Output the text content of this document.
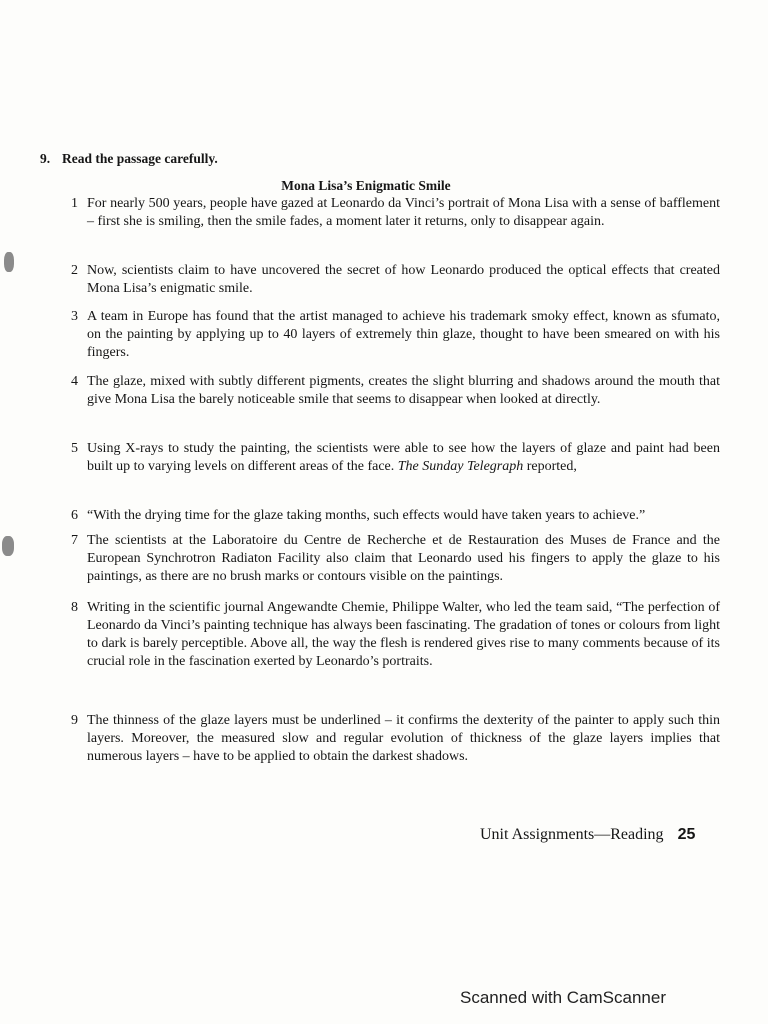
9. Read the passage carefully.
Mona Lisa’s Enigmatic Smile
1 For nearly 500 years, people have gazed at Leonardo da Vinci’s portrait of Mona Lisa with a sense of bafflement – first she is smiling, then the smile fades, a moment later it returns, only to disappear again.
2 Now, scientists claim to have uncovered the secret of how Leonardo produced the optical effects that created Mona Lisa’s enigmatic smile.
3 A team in Europe has found that the artist managed to achieve his trademark smoky effect, known as sfumato, on the painting by applying up to 40 layers of extremely thin glaze, thought to have been smeared on with his fingers.
4 The glaze, mixed with subtly different pigments, creates the slight blurring and shadows around the mouth that give Mona Lisa the barely noticeable smile that seems to disappear when looked at directly.
5 Using X-rays to study the painting, the scientists were able to see how the layers of glaze and paint had been built up to varying levels on different areas of the face. The Sunday Telegraph reported,
6 “With the drying time for the glaze taking months, such effects would have taken years to achieve.”
7 The scientists at the Laboratoire du Centre de Recherche et de Restauration des Muses de France and the European Synchrotron Radiaton Facility also claim that Leonardo used his fingers to apply the glaze to his paintings, as there are no brush marks or contours visible on the paintings.
8 Writing in the scientific journal Angewandte Chemie, Philippe Walter, who led the team said, “The perfection of Leonardo da Vinci’s painting technique has always been fascinating. The gradation of tones or colours from light to dark is barely perceptible. Above all, the way the flesh is rendered gives rise to many comments because of its crucial role in the fascination exerted by Leonardo’s portraits.
9 The thinness of the glaze layers must be underlined – it confirms the dexterity of the painter to apply such thin layers. Moreover, the measured slow and regular evolution of thickness of the glaze layers implies that numerous layers – have to be applied to obtain the darkest shadows.
Unit Assignments—Reading 25
Scanned with CamScanner
